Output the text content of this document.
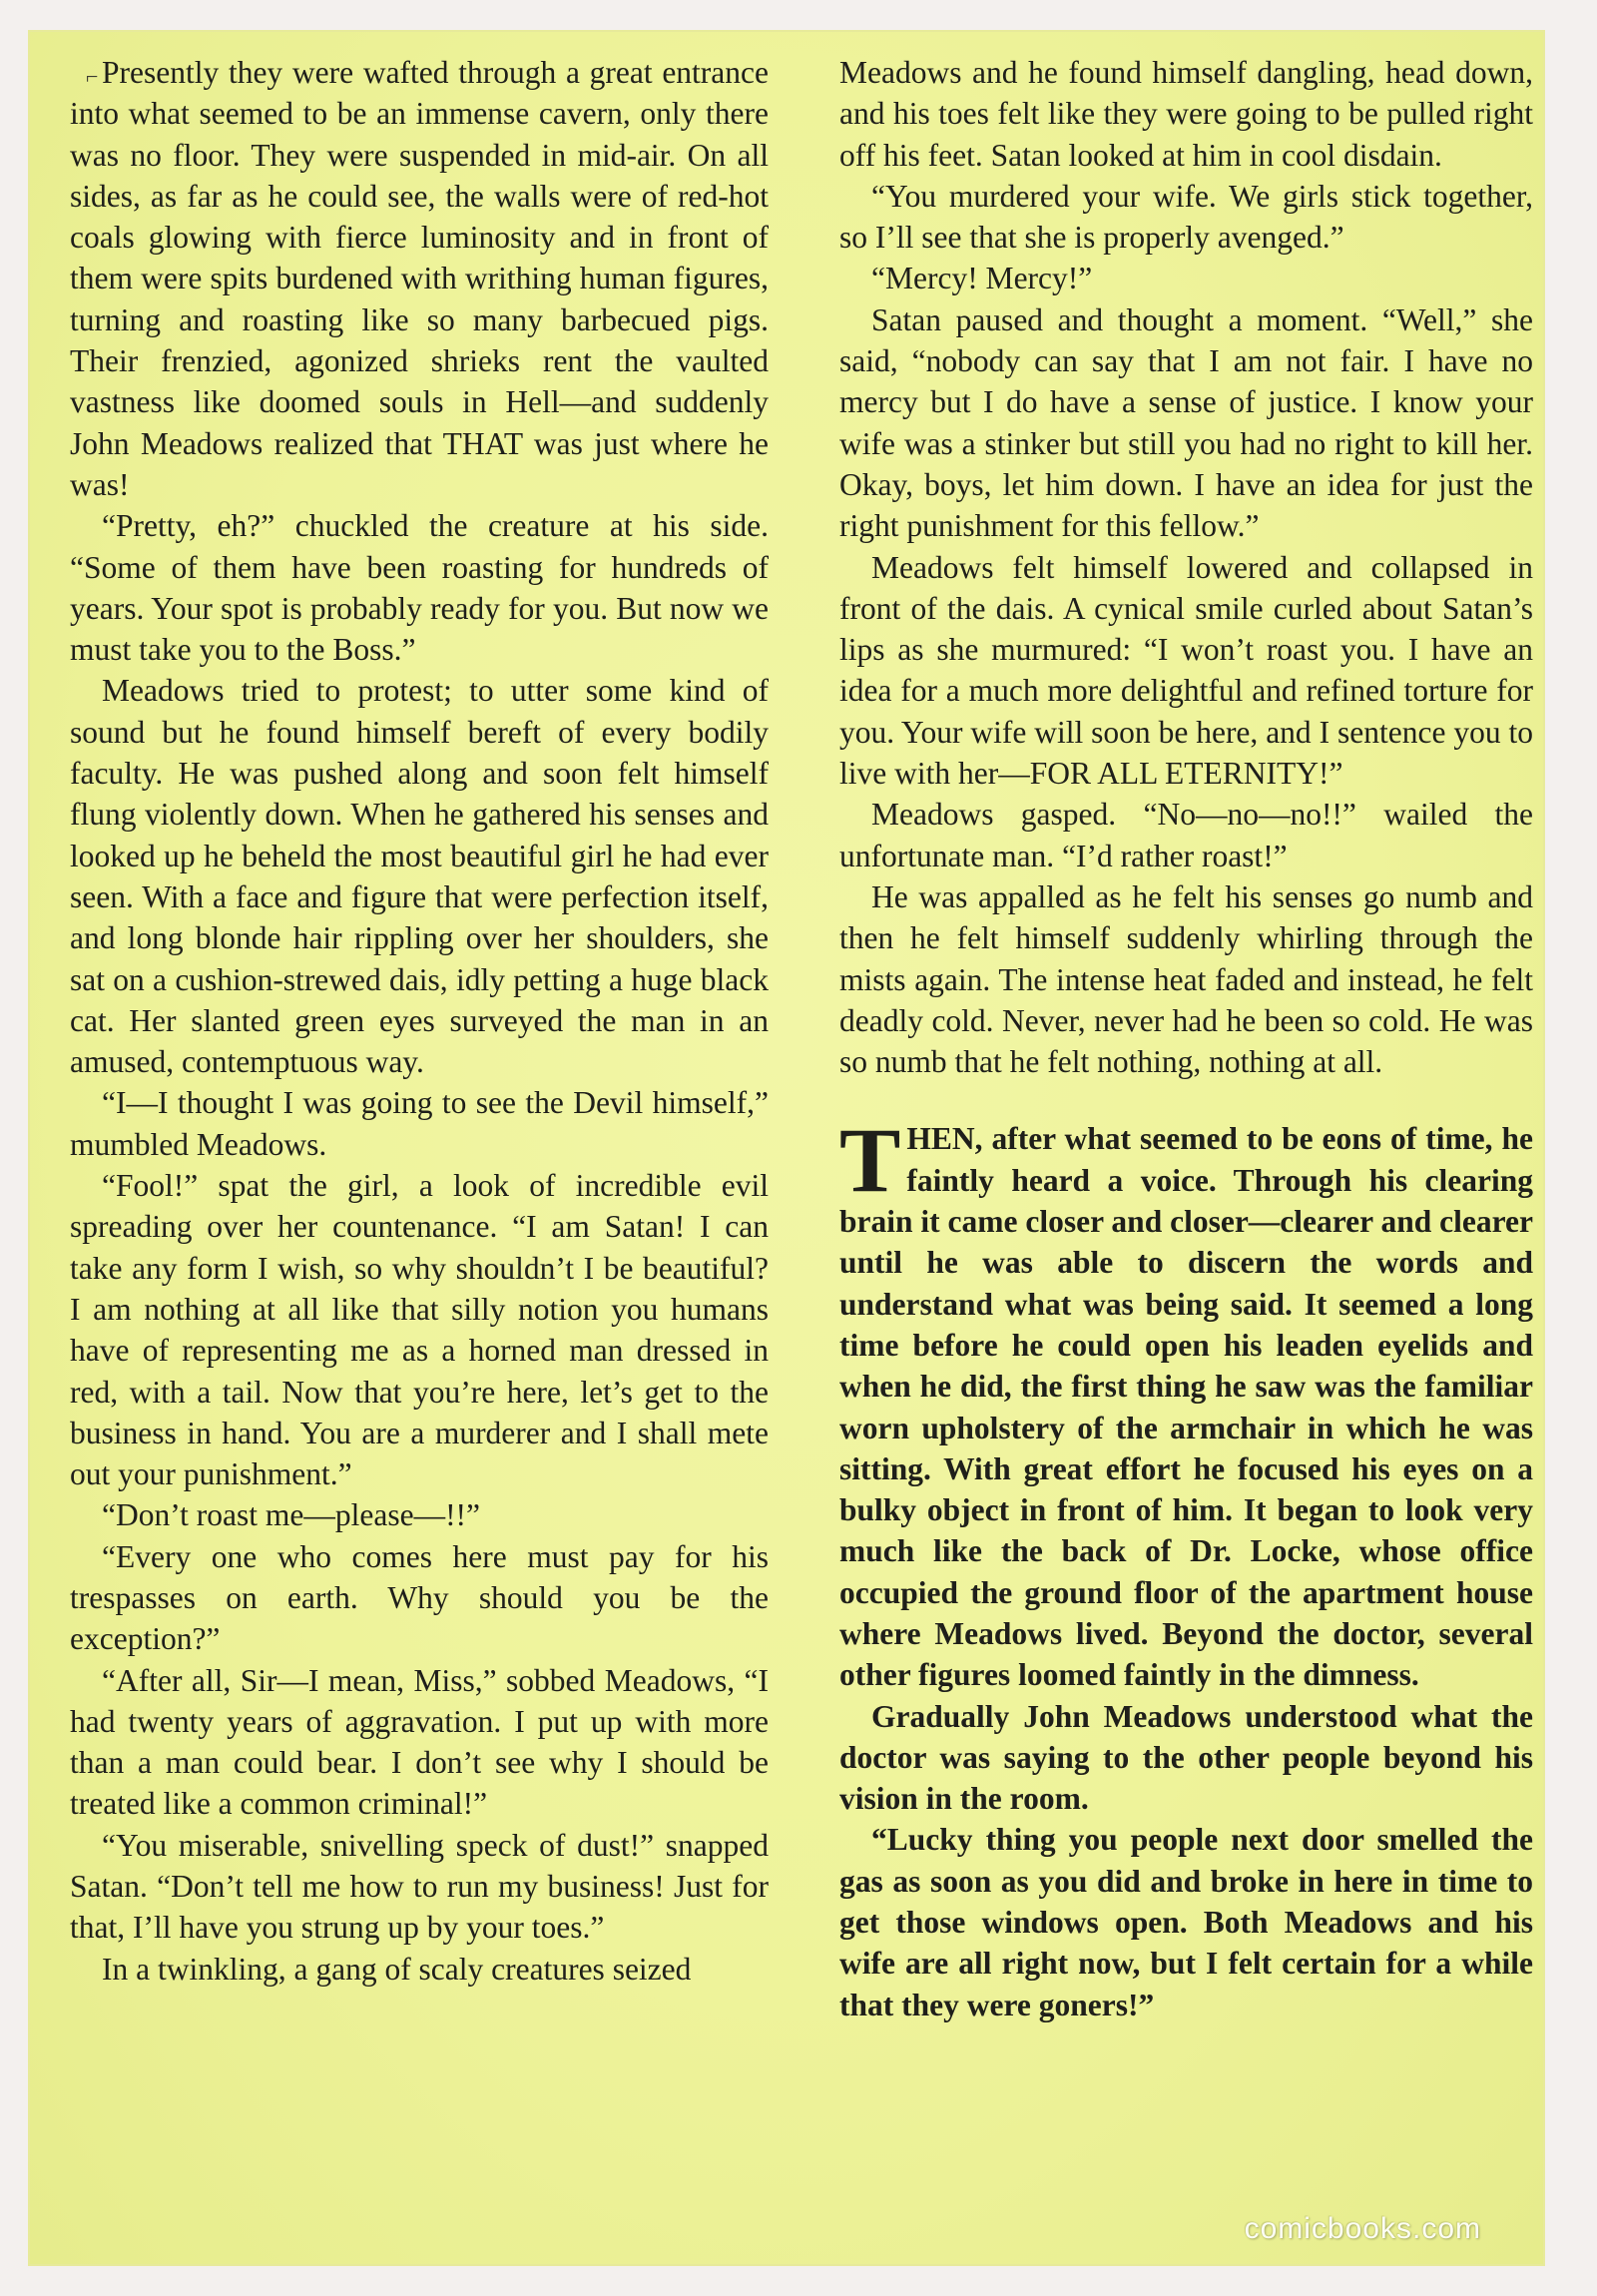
⌐ Presently they were wafted through a great entrance into what seemed to be an immense cavern, only there was no floor. They were suspended in mid-air. On all sides, as far as he could see, the walls were of red-hot coals glowing with fierce luminosity and in front of them were spits burdened with writhing human figures, turning and roasting like so many barbecued pigs. Their frenzied, agonized shrieks rent the vaulted vastness like doomed souls in Hell—and suddenly John Meadows realized that THAT was just where he was!

“Pretty, eh?” chuckled the creature at his side. “Some of them have been roasting for hundreds of years. Your spot is probably ready for you. But now we must take you to the Boss.”

Meadows tried to protest; to utter some kind of sound but he found himself bereft of every bodily faculty. He was pushed along and soon felt himself flung violently down. When he gathered his senses and looked up he beheld the most beautiful girl he had ever seen. With a face and figure that were perfection itself, and long blonde hair rippling over her shoulders, she sat on a cushion-strewed dais, idly petting a huge black cat. Her slanted green eyes surveyed the man in an amused, contemptuous way.

“I—I thought I was going to see the Devil himself,” mumbled Meadows.

“Fool!” spat the girl, a look of incredible evil spreading over her countenance. “I am Satan! I can take any form I wish, so why shouldn’t I be beautiful? I am nothing at all like that silly notion you humans have of representing me as a horned man dressed in red, with a tail. Now that you’re here, let’s get to the business in hand. You are a murderer and I shall mete out your punishment.”

“Don’t roast me—please—!!”

“Every one who comes here must pay for his trespasses on earth. Why should you be the exception?”

“After all, Sir—I mean, Miss,” sobbed Meadows, “I had twenty years of aggravation. I put up with more than a man could bear. I don’t see why I should be treated like a common criminal!”

“You miserable, snivelling speck of dust!” snapped Satan. “Don’t tell me how to run my business! Just for that, I’ll have you strung up by your toes.”

In a twinkling, a gang of scaly creatures seized

Meadows and he found himself dangling, head down, and his toes felt like they were going to be pulled right off his feet. Satan looked at him in cool disdain.

“You murdered your wife. We girls stick together, so I’ll see that she is properly avenged.”

“Mercy! Mercy!”

Satan paused and thought a moment. “Well,” she said, “nobody can say that I am not fair. I have no mercy but I do have a sense of justice. I know your wife was a stinker but still you had no right to kill her. Okay, boys, let him down. I have an idea for just the right punishment for this fellow.”

Meadows felt himself lowered and collapsed in front of the dais. A cynical smile curled about Satan’s lips as she murmured: “I won’t roast you. I have an idea for a much more delightful and refined torture for you. Your wife will soon be here, and I sentence you to live with her—FOR ALL ETERNITY!”

Meadows gasped. “No—no—no!!” wailed the unfortunate man. “I’d rather roast!”

He was appalled as he felt his senses go numb and then he felt himself suddenly whirling through the mists again. The intense heat faded and instead, he felt deadly cold. Never, never had he been so cold. He was so numb that he felt nothing, nothing at all.

THEN, after what seemed to be eons of time, he faintly heard a voice. Through his clearing brain it came closer and closer—clearer and clearer until he was able to discern the words and understand what was being said. It seemed a long time before he could open his leaden eyelids and when he did, the first thing he saw was the familiar worn upholstery of the armchair in which he was sitting. With great effort he focused his eyes on a bulky object in front of him. It began to look very much like the back of Dr. Locke, whose office occupied the ground floor of the apartment house where Meadows lived. Beyond the doctor, several other figures loomed faintly in the dimness.

Gradually John Meadows understood what the doctor was saying to the other people beyond his vision in the room.

“Lucky thing you people next door smelled the gas as soon as you did and broke in here in time to get those windows open. Both Meadows and his wife are all right now, but I felt certain for a while that they were goners!”

comicbooks.com
